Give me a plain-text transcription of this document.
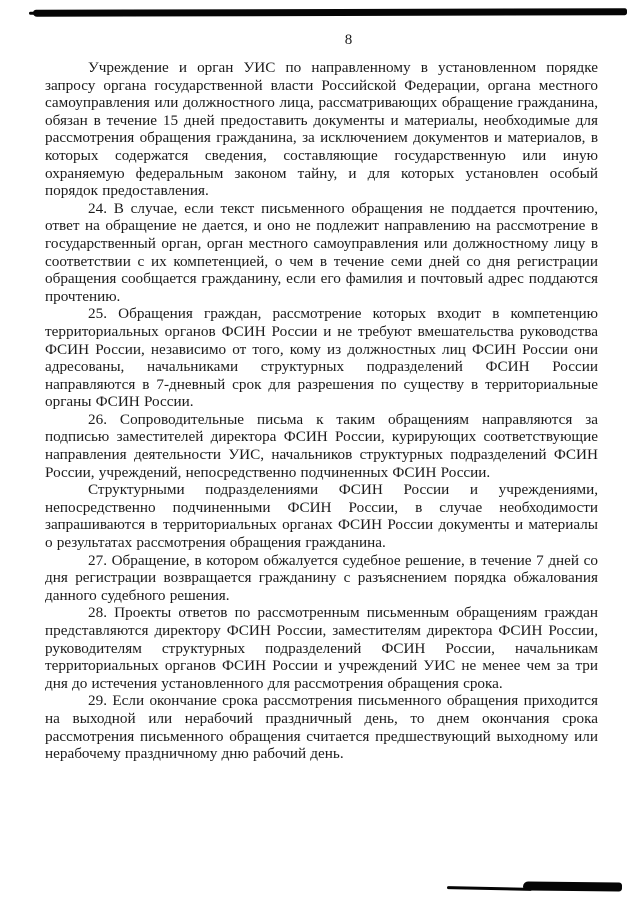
8

Учреждение и орган УИС по направленному в установленном порядке запросу органа государственной власти Российской Федерации, органа местного самоуправления или должностного лица, рассматривающих обращение гражданина, обязан в течение 15 дней предоставить документы и материалы, необходимые для рассмотрения обращения гражданина, за исключением документов и материалов, в которых содержатся сведения, составляющие государственную или иную охраняемую федеральным законом тайну, и для которых установлен особый порядок предоставления.

24. В случае, если текст письменного обращения не поддается прочтению, ответ на обращение не дается, и оно не подлежит направлению на рассмотрение в государственный орган, орган местного самоуправления или должностному лицу в соответствии с их компетенцией, о чем в течение семи дней со дня регистрации обращения сообщается гражданину, если его фамилия и почтовый адрес поддаются прочтению.

25. Обращения граждан, рассмотрение которых входит в компетенцию территориальных органов ФСИН России и не требуют вмешательства руководства ФСИН России, независимо от того, кому из должностных лиц ФСИН России они адресованы, начальниками структурных подразделений ФСИН России направляются в 7-дневный срок для разрешения по существу в территориальные органы ФСИН России.

26. Сопроводительные письма к таким обращениям направляются за подписью заместителей директора ФСИН России, курирующих соответствующие направления деятельности УИС, начальников структурных подразделений ФСИН России, учреждений, непосредственно подчиненных ФСИН России.

Структурными подразделениями ФСИН России и учреждениями, непосредственно подчиненными ФСИН России, в случае необходимости запрашиваются в территориальных органах ФСИН России документы и материалы о результатах рассмотрения обращения гражданина.

27. Обращение, в котором обжалуется судебное решение, в течение 7 дней со дня регистрации возвращается гражданину с разъяснением порядка обжалования данного судебного решения.

28. Проекты ответов по рассмотренным письменным обращениям граждан представляются директору ФСИН России, заместителям директора ФСИН России, руководителям структурных подразделений ФСИН России, начальникам территориальных органов ФСИН России и учреждений УИС не менее чем за три дня до истечения установленного для рассмотрения обращения срока.

29. Если окончание срока рассмотрения письменного обращения приходится на выходной или нерабочий праздничный день, то днем окончания срока рассмотрения письменного обращения считается предшествующий выходному или нерабочему праздничному дню рабочий день.
